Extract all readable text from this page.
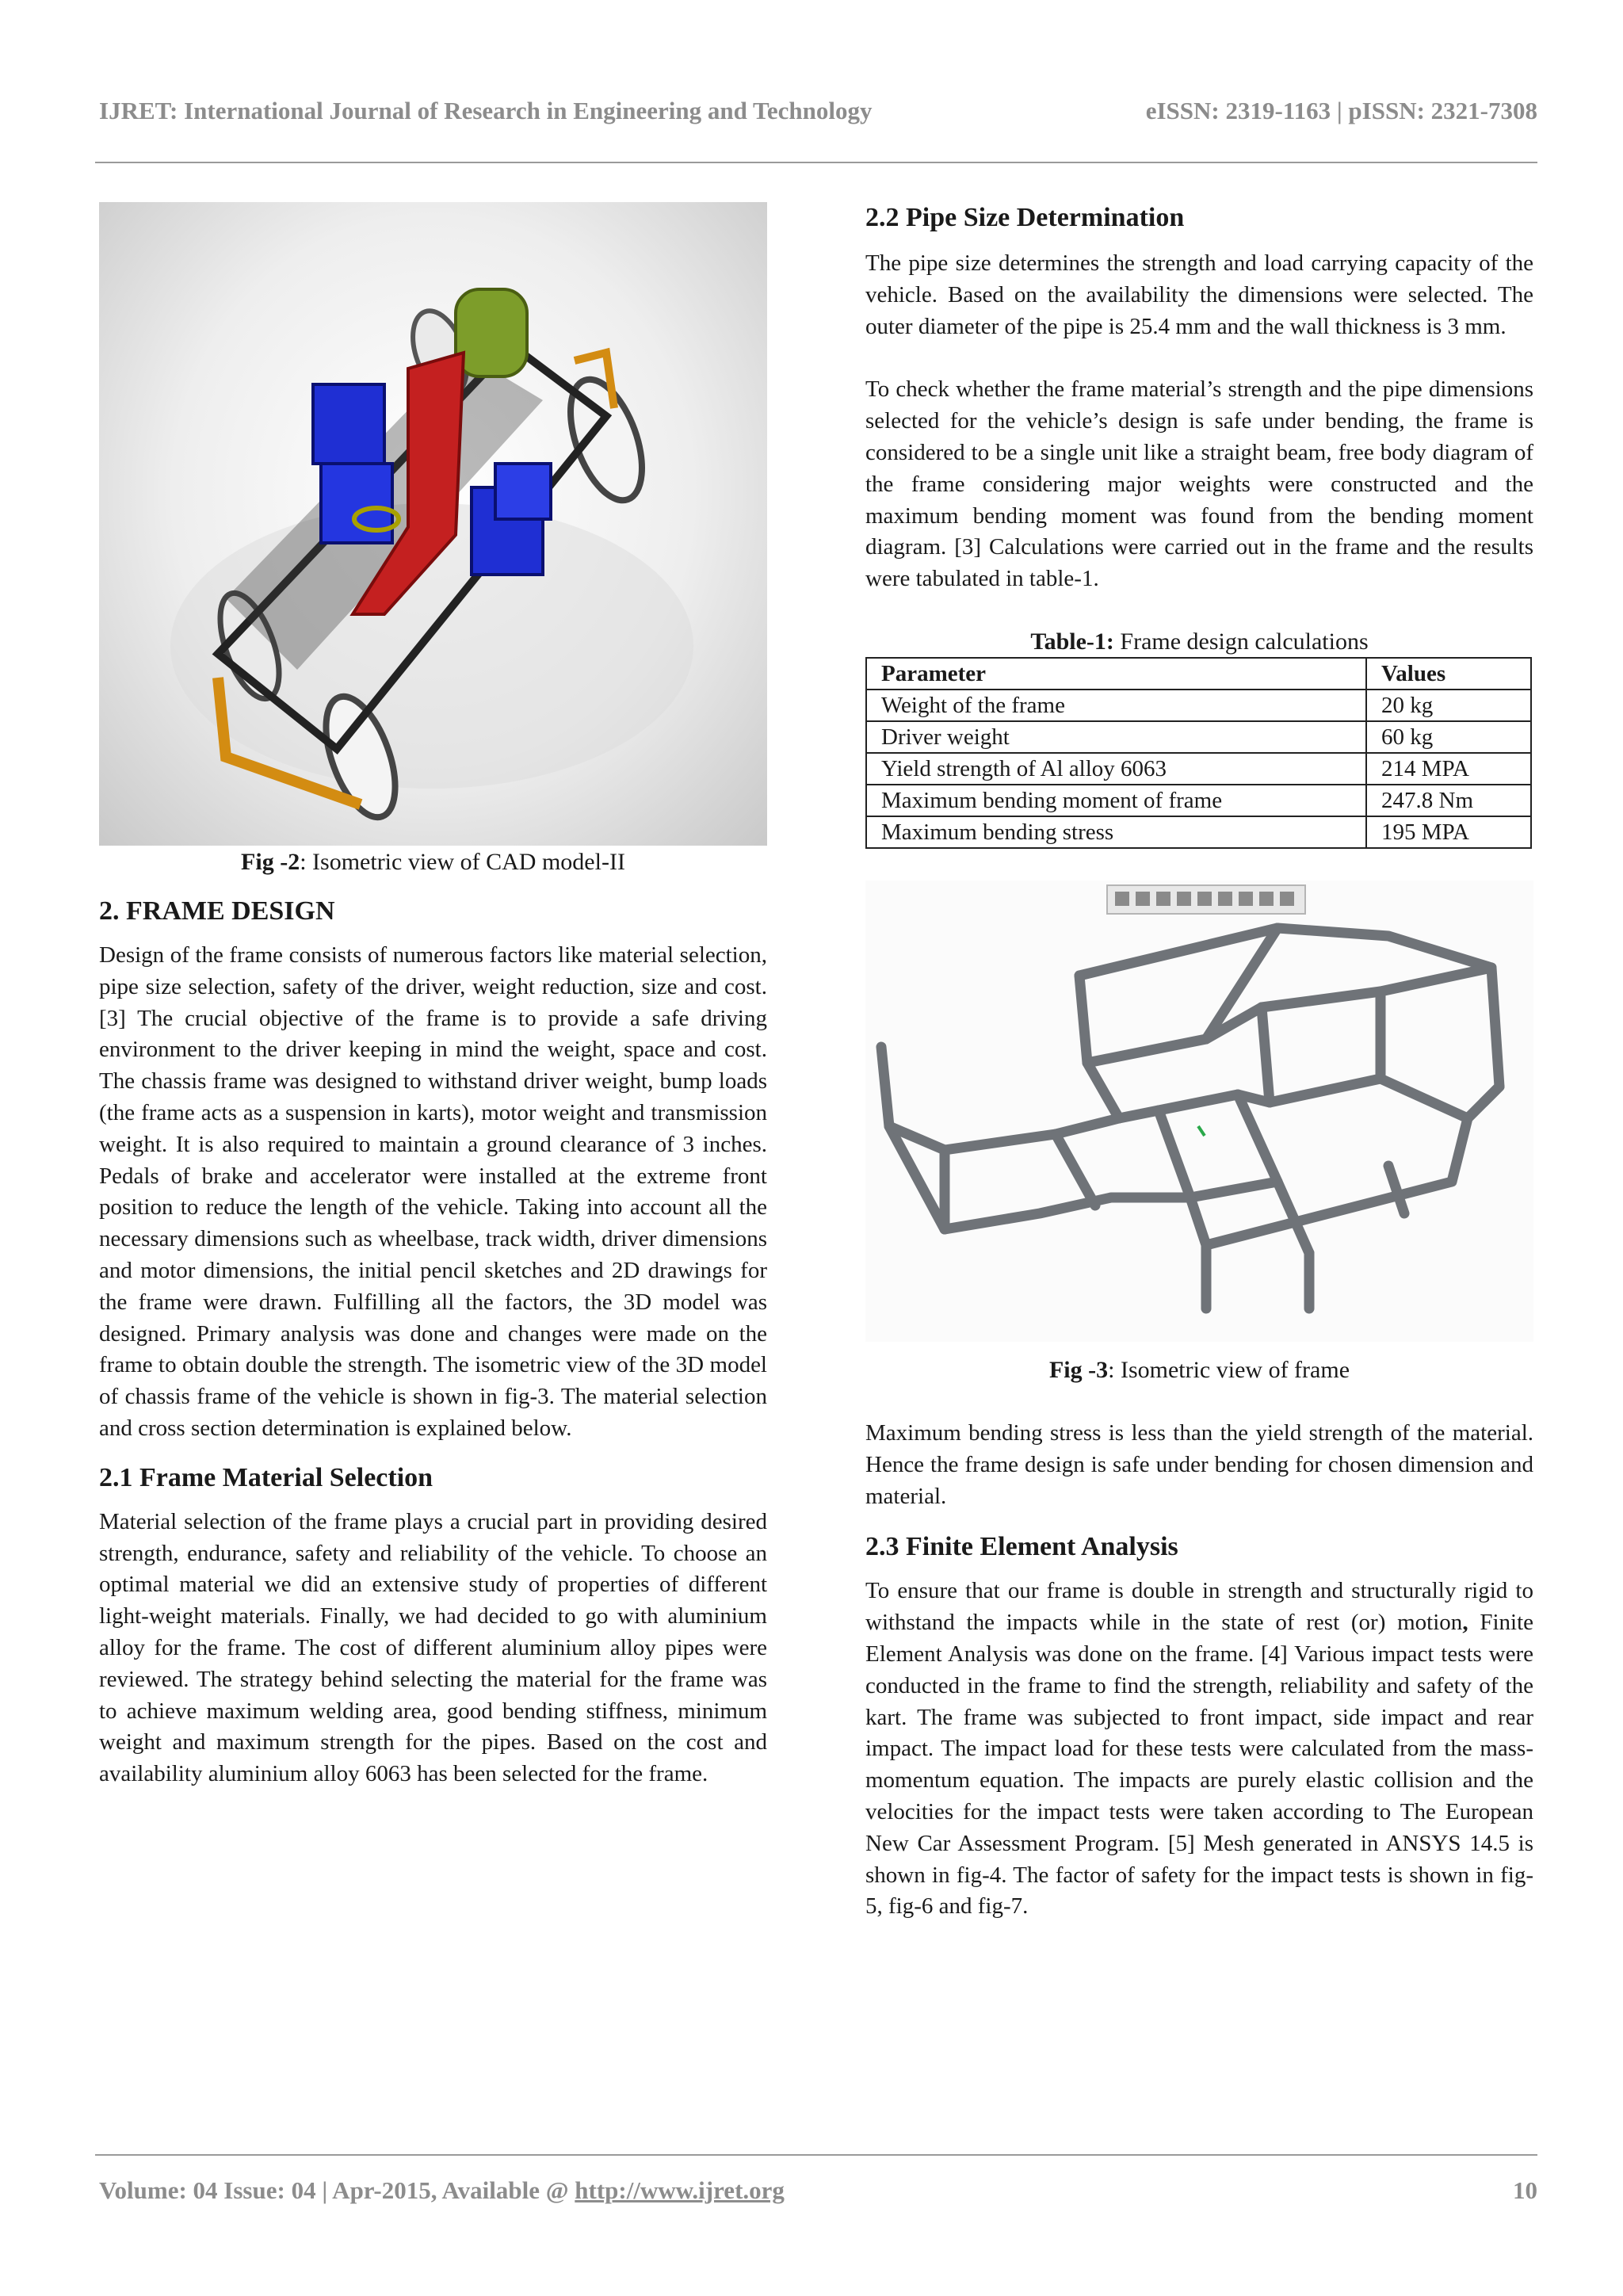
IJRET: International Journal of Research in Engineering and Technology	eISSN: 2319-1163 | pISSN: 2321-7308
Fig -2: Isometric view of CAD model-II
2. FRAME DESIGN

Design of the frame consists of numerous factors like material selection, pipe size selection, safety of the driver, weight reduction, size and cost. [3] The crucial objective of the frame is to provide a safe driving environment to the driver keeping in mind the weight, space and cost. The chassis frame was designed to withstand driver weight, bump loads (the frame acts as a suspension in karts), motor weight and transmission weight. It is also required to maintain a ground clearance of 3 inches. Pedals of brake and accelerator were installed at the extreme front position to reduce the length of the vehicle. Taking into account all the necessary dimensions such as wheelbase, track width, driver dimensions and motor dimensions, the initial pencil sketches and 2D drawings for the frame were drawn. Fulfilling all the factors, the 3D model was designed. Primary analysis was done and changes were made on the frame to obtain double the strength. The isometric view of the 3D model of chassis frame of the vehicle is shown in fig-3. The material selection and cross section determination is explained below.

2.1 Frame Material Selection

Material selection of the frame plays a crucial part in providing desired strength, endurance, safety and reliability of the vehicle. To choose an optimal material we did an extensive study of properties of different light-weight materials. Finally, we had decided to go with aluminium alloy for the frame. The cost of different aluminium alloy pipes were reviewed. The strategy behind selecting the material for the frame was to achieve maximum welding area, good bending stiffness, minimum weight and maximum strength for the pipes. Based on the cost and availability aluminium alloy 6063 has been selected for the frame.

2.2 Pipe Size Determination

The pipe size determines the strength and load carrying capacity of the vehicle. Based on the availability the dimensions were selected. The outer diameter of the pipe is 25.4 mm and the wall thickness is 3 mm.

To check whether the frame material’s strength and the pipe dimensions selected for the vehicle’s design is safe under bending, the frame is considered to be a single unit like a straight beam, free body diagram of the frame considering major weights were constructed and the maximum bending moment was found from the bending moment diagram. [3] Calculations were carried out in the frame and the results were tabulated in table-1.

Table-1: Frame design calculations
Parameter	Values
Weight of the frame	20 kg
Driver weight	60 kg
Yield strength of Al alloy 6063	214 MPA
Maximum bending moment of frame	247.8 Nm
Maximum bending stress	195 MPA
Fig -3: Isometric view of frame

Maximum bending stress is less than the yield strength of the material. Hence the frame design is safe under bending for chosen dimension and material.

2.3 Finite Element Analysis

To ensure that our frame is double in strength and structurally rigid to withstand the impacts while in the state of rest (or) motion, Finite Element Analysis was done on the frame. [4] Various impact tests were conducted in the frame to find the strength, reliability and safety of the kart. The frame was subjected to front impact, side impact and rear impact. The impact load for these tests were calculated from the mass-momentum equation. The impacts are purely elastic collision and the velocities for the impact tests were taken according to The European New Car Assessment Program. [5] Mesh generated in ANSYS 14.5 is shown in fig-4. The factor of safety for the impact tests is shown in fig-5, fig-6 and fig-7.

Volume: 04 Issue: 04 | Apr-2015, Available @ http://www.ijret.org	10
